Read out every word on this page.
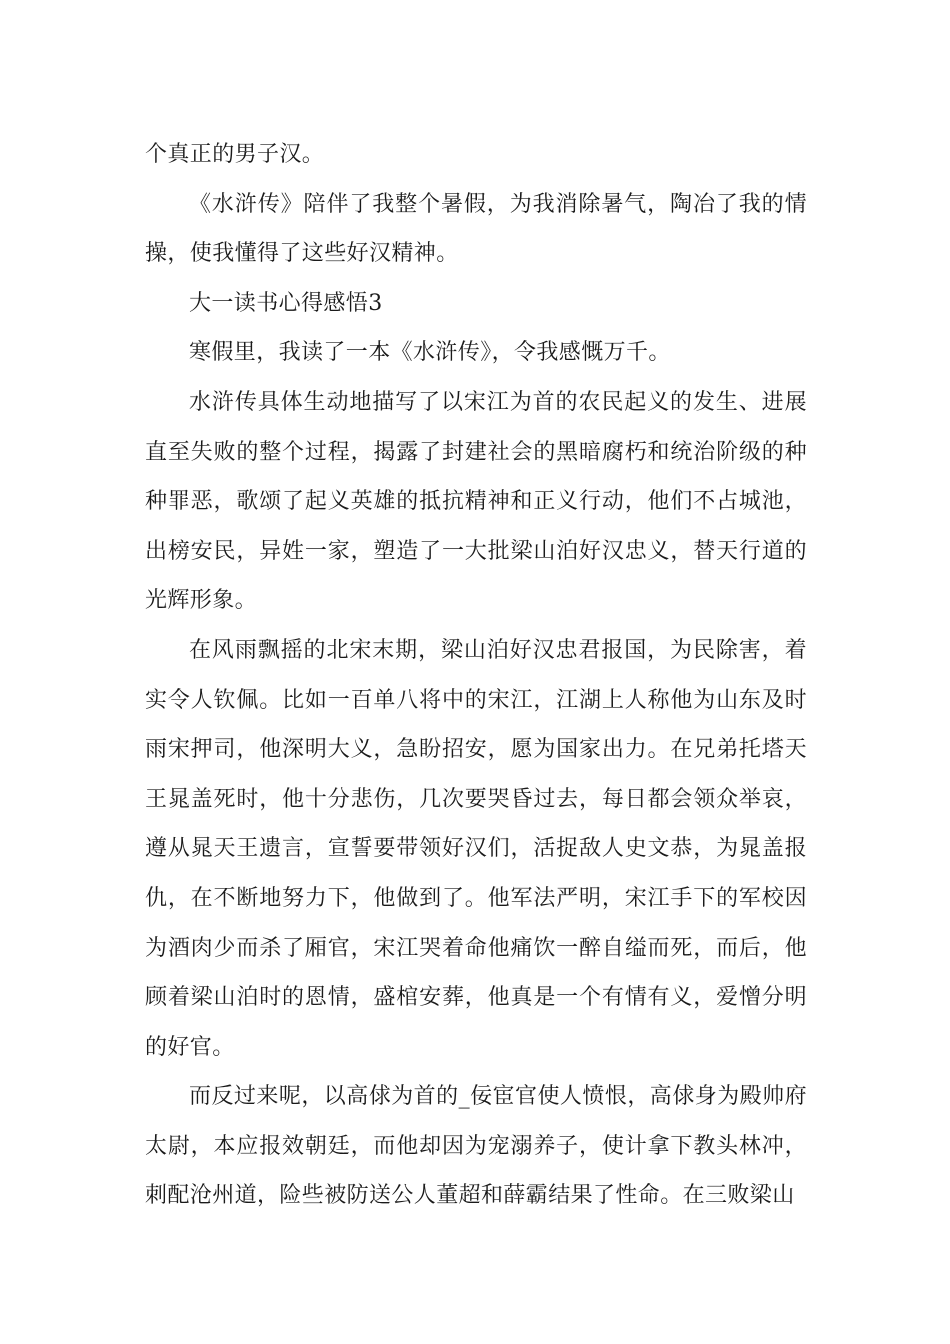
个真正的男子汉。

《水浒传》陪伴了我整个暑假，为我消除暑气，陶冶了我的情操，使我懂得了这些好汉精神。

大一读书心得感悟3

寒假里，我读了一本《水浒传》，令我感慨万千。

水浒传具体生动地描写了以宋江为首的农民起义的发生、进展直至失败的整个过程，揭露了封建社会的黑暗腐朽和统治阶级的种种罪恶，歌颂了起义英雄的抵抗精神和正义行动，他们不占城池，出榜安民，异姓一家，塑造了一大批梁山泊好汉忠义，替天行道的光辉形象。

在风雨飘摇的北宋末期，梁山泊好汉忠君报国，为民除害，着实令人钦佩。比如一百单八将中的宋江，江湖上人称他为山东及时雨宋押司，他深明大义，急盼招安，愿为国家出力。在兄弟托塔天王晁盖死时，他十分悲伤，几次要哭昏过去，每日都会领众举哀，遵从晁天王遗言，宣誓要带领好汉们，活捉敌人史文恭，为晁盖报仇，在不断地努力下，他做到了。他军法严明，宋江手下的军校因为酒肉少而杀了厢官，宋江哭着命他痛饮一醉自缢而死，而后，他顾着梁山泊时的恩情，盛棺安葬，他真是一个有情有义，爱憎分明的好官。

而反过来呢，以高俅为首的_佞宦官使人愤恨，高俅身为殿帅府太尉，本应报效朝廷，而他却因为宠溺养子，使计拿下教头林冲，刺配沧州道，险些被防送公人董超和薛霸结果了性命。在三败梁山
